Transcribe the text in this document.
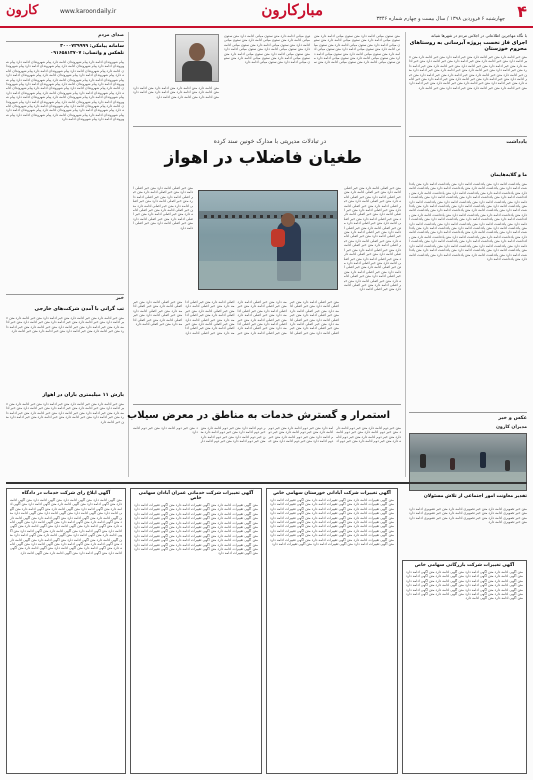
۴
مبارکارون	چهارشنبه ۶ فروردین ۱۳۹۸ / سال بیست و چهارم شماره ۳۳۴۶
کارون	www.karoondaily.ir
با نگاه مهاجرین اطلاعاتی در اجلاس مردم در شهرها شبانه
اجرای فاز نخست پروژه آبرسانی به روستاهای محروم خوزستان
متن خبر ادامه دارد متن خبر ادامه دارد متن خبر ادامه دارد متن خبر ادامه دارد متن خبر ادامه دارد متن خبر ادامه دارد متن خبر ادامه دارد متن خبر ادامه دارد متن خبر ادامه دارد متن خبر ادامه دارد متن خبر ادامه دارد متن خبر ادامه دارد متن خبر ادامه دارد متن خبر ادامه دارد متن خبر ادامه دارد متن خبر ادامه دارد متن خبر ادامه دارد متن خبر ادامه دارد متن خبر ادامه دارد متن خبر ادامه دارد متن خبر ادامه دارد متن خبر ادامه دارد متن خبر ادامه دارد متن خبر ادامه دارد متن خبر ادامه دارد متن خبر ادامه دارد متن خبر ادامه دارد متن خبر ادامه دارد متن خبر ادامه دارد متن خبر ادامه دارد متن خبر ادامه دارد متن خبر ادامه دارد متن خبر ادامه دارد متن خبر ادامه دارد
یادداشت
ما و گلایه‌هایمان
متن یادداشت ادامه دارد متن یادداشت ادامه دارد متن یادداشت ادامه دارد متن یادداشت ادامه دارد متن یادداشت ادامه دارد متن یادداشت ادامه دارد متن یادداشت ادامه دارد متن یادداشت ادامه دارد متن یادداشت ادامه دارد متن یادداشت ادامه دارد متن یادداشت ادامه دارد متن یادداشت ادامه دارد متن یادداشت ادامه دارد متن یادداشت ادامه دارد متن یادداشت ادامه دارد متن یادداشت ادامه دارد متن یادداشت ادامه دارد متن یادداشت ادامه دارد متن یادداشت ادامه دارد متن یادداشت ادامه دارد متن یادداشت ادامه دارد متن یادداشت ادامه دارد متن یادداشت ادامه دارد متن یادداشت ادامه دارد متن یادداشت ادامه دارد متن یادداشت ادامه دارد متن یادداشت ادامه دارد متن یادداشت ادامه دارد متن یادداشت ادامه دارد متن یادداشت ادامه دارد متن یادداشت ادامه دارد متن یادداشت ادامه دارد متن یادداشت ادامه دارد متن یادداشت ادامه دارد متن یادداشت ادامه دارد متن یادداشت ادامه دارد متن یادداشت ادامه دارد متن یادداشت ادامه دارد متن یادداشت ادامه دارد متن یادداشت ادامه دارد متن یادداشت ادامه دارد متن یادداشت ادامه دارد متن یادداشت ادامه دارد متن یادداشت ادامه دارد متن یادداشت ادامه دارد متن یادداشت ادامه دارد متن یادداشت ادامه دارد متن یادداشت ادامه دارد متن یادداشت ادامه دارد متن یادداشت ادامه دارد متن یادداشت ادامه دارد متن یادداشت ادامه دارد متن یادداشت ادامه دارد متن یادداشت ادامه دارد متن یادداشت ادامه دارد متن یادداشت ادامه دارد متن یادداشت ادامه دارد متن یادداشت ادامه دارد متن یادداشت ادامه دارد
عکس و خبر
مدیران کارون
تقدیر معاونت امور اجتماعی از تلاش مسئولان
متن خبر تصویری ادامه دارد متن خبر تصویری ادامه دارد متن خبر تصویری ادامه دارد متن خبر تصویری ادامه دارد متن خبر تصویری ادامه دارد متن خبر تصویری ادامه دارد متن خبر تصویری ادامه دارد متن خبر تصویری ادامه دارد متن خبر تصویری ادامه دارد متن خبر تصویری ادامه دارد
متن ستون میانی ادامه دارد متن ستون میانی ادامه دارد متن ستون میانی ادامه دارد متن ستون میانی ادامه دارد متن ستون میانی ادامه دارد متن ستون میانی ادامه دارد متن ستون میانی ادامه دارد متن ستون میانی ادامه دارد متن ستون میانی ادامه دارد متن ستون میانی ادامه دارد متن ستون میانی ادامه دارد متن ستون میانی ادامه دارد متن ستون میانی ادامه دارد متن ستون میانی ادامه دارد متن ستون میانی ادامه دارد متن ستون میانی ادامه دارد متن ستون میانی ادامه دارد متن ستون میانی ادامه دارد متن ستون میانی ادامه دارد متن ستون میانی ادامه دارد متن ستون میانی ادامه دارد متن ستون میانی ادامه دارد متن ستون میانی ادامه دارد متن ستون میانی ادامه دارد متن ستون میانی ادامه دارد متن ستون میانی ادامه دارد متن ستون میانی ادامه دارد متن ستون میانی ادامه دارد متن ستون میانی ادامه دارد متن ستون میانی ادامه دارد
متن ادامه دارد متن ادامه دارد متن ادامه دارد متن ادامه دارد متن ادامه دارد متن ادامه دارد متن ادامه دارد متن ادامه دارد متن ادامه دارد متن ادامه دارد متن ادامه دارد
در تبادلات مدیریتی با مدارک خونین سند کرده
طغیان فاضلاب در اهواز
متن خبر اصلی ادامه دارد متن خبر اصلی ادامه دارد متن خبر اصلی ادامه دارد متن خبر اصلی ادامه دارد متن خبر اصلی ادامه دارد متن خبر اصلی ادامه دارد متن خبر اصلی ادامه دارد متن خبر اصلی ادامه دارد متن خبر اصلی ادامه دارد متن خبر اصلی ادامه دارد متن خبر اصلی ادامه دارد متن خبر اصلی ادامه دارد متن خبر اصلی ادامه دارد متن خبر اصلی ادامه دارد متن خبر اصلی ادامه دارد متن خبر اصلی ادامه دارد متن خبر اصلی ادامه دارد متن خبر اصلی ادامه دارد متن خبر اصلی ادامه دارد متن خبر اصلی ادامه دارد متن خبر اصلی ادامه دارد متن خبر اصلی ادامه دارد متن خبر اصلی ادامه دارد متن خبر اصلی ادامه دارد متن خبر اصلی ادامه دارد متن خبر اصلی ادامه دارد متن خبر اصلی ادامه دارد متن خبر اصلی ادامه دارد متن خبر اصلی ادامه دارد متن خبر اصلی ادامه دارد متن خبر اصلی ادامه دارد متن خبر اصلی ادامه دارد متن خبر اصلی ادامه دارد متن خبر اصلی ادامه دارد متن خبر اصلی ادامه دارد متن خبر اصلی ادامه دارد متن خبر اصلی ادامه دارد
متن خبر اصلی ادامه دارد متن خبر اصلی ادامه دارد متن خبر اصلی ادامه دارد متن خبر اصلی ادامه دارد متن خبر اصلی ادامه دارد متن خبر اصلی ادامه دارد متن خبر اصلی ادامه دارد متن خبر اصلی ادامه دارد متن خبر اصلی ادامه دارد متن خبر اصلی ادامه دارد متن خبر اصلی ادامه دارد متن خبر اصلی ادامه دارد متن خبر اصلی ادامه دارد متن خبر اصلی ادامه دارد متن خبر اصلی ادامه دارد
متن خبر اصلی ادامه دارد متن خبر اصلی ادامه دارد متن خبر اصلی ادامه دارد متن خبر اصلی ادامه دارد متن خبر اصلی ادامه دارد متن خبر اصلی ادامه دارد متن خبر اصلی ادامه دارد متن خبر اصلی ادامه دارد متن خبر اصلی ادامه دارد متن خبر اصلی ادامه دارد متن خبر اصلی ادامه دارد متن خبر اصلی ادامه دارد متن خبر اصلی ادامه دارد متن خبر اصلی ادامه دارد متن خبر اصلی ادامه دارد متن خبر اصلی ادامه دارد متن خبر اصلی ادامه دارد متن خبر اصلی ادامه دارد متن خبر اصلی ادامه دارد متن خبر اصلی ادامه دارد متن خبر اصلی ادامه دارد متن خبر اصلی ادامه دارد متن خبر اصلی ادامه دارد متن خبر اصلی ادامه دارد متن خبر اصلی ادامه دارد متن خبر اصلی ادامه دارد متن خبر اصلی ادامه دارد متن خبر اصلی ادامه دارد متن خبر اصلی ادامه دارد متن خبر اصلی ادامه دارد متن خبر اصلی ادامه دارد متن خبر اصلی ادامه دارد متن خبر اصلی ادامه دارد متن خبر اصلی ادامه دارد متن خبر اصلی ادامه دارد متن خبر اصلی ادامه دارد متن خبر اصلی ادامه دارد متن خبر اصلی ادامه دارد متن خبر اصلی ادامه دارد متن خبر اصلی ادامه دارد
استمرار و گسترش خدمات به مناطق در معرض سیلاب
متن خبر دوم ادامه دارد متن خبر دوم ادامه دارد متن خبر دوم ادامه دارد متن خبر دوم ادامه دارد متن خبر دوم ادامه دارد متن خبر دوم ادامه دارد متن خبر دوم ادامه دارد متن خبر دوم ادامه دارد متن خبر دوم ادامه دارد متن خبر دوم ادامه دارد متن خبر دوم ادامه دارد متن خبر دوم ادامه دارد متن خبر دوم ادامه دارد متن خبر دوم ادامه دارد متن خبر دوم ادامه دارد متن خبر دوم ادامه دارد متن خبر دوم ادامه دارد متن خبر دوم ادامه دارد متن خبر دوم ادامه دارد متن خبر دوم ادامه دارد متن خبر دوم ادامه دارد متن خبر دوم ادامه دارد متن خبر دوم ادامه دارد متن خبر دوم ادامه دارد متن خبر دوم ادامه دارد
صدای مردم
سامانه پیامکی: ۳۰۰۰۷۲۹۹۹۹
تلفکس و واتساپ: ۰۹۱۶۵۸۱۳۷۰۷
پیام شهروندان ادامه دارد پیام شهروندان ادامه دارد پیام شهروندان ادامه دارد پیام شهروندان ادامه دارد پیام شهروندان ادامه دارد پیام شهروندان ادامه دارد پیام شهروندان ادامه دارد پیام شهروندان ادامه دارد پیام شهروندان ادامه دارد پیام شهروندان ادامه دارد پیام شهروندان ادامه دارد پیام شهروندان ادامه دارد پیام شهروندان ادامه دارد پیام شهروندان ادامه دارد پیام شهروندان ادامه دارد پیام شهروندان ادامه دارد پیام شهروندان ادامه دارد پیام شهروندان ادامه دارد پیام شهروندان ادامه دارد پیام شهروندان ادامه دارد پیام شهروندان ادامه دارد پیام شهروندان ادامه دارد پیام شهروندان ادامه دارد پیام شهروندان ادامه دارد پیام شهروندان ادامه دارد پیام شهروندان ادامه دارد پیام شهروندان ادامه دارد پیام شهروندان ادامه دارد پیام شهروندان ادامه دارد پیام شهروندان ادامه دارد پیام شهروندان ادامه دارد پیام شهروندان ادامه دارد پیام شهروندان ادامه دارد پیام شهروندان ادامه دارد پیام شهروندان ادامه دارد پیام شهروندان ادامه دارد پیام شهروندان ادامه دارد پیام شهروندان ادامه دارد پیام شهروندان ادامه دارد پیام شهروندان ادامه دارد پیام شهروندان ادامه دارد پیام شهروندان ادامه دارد پیام شهروندان ادامه دارد پیام شهروندان ادامه دارد
خبر
تب گرانی با آمدن شرکت‌های خارجی
متن خبر ادامه دارد متن خبر ادامه دارد متن خبر ادامه دارد متن خبر ادامه دارد متن خبر ادامه دارد متن خبر ادامه دارد متن خبر ادامه دارد متن خبر ادامه دارد متن خبر ادامه دارد متن خبر ادامه دارد متن خبر ادامه دارد متن خبر ادامه دارد متن خبر ادامه دارد متن خبر ادامه دارد متن خبر ادامه دارد متن خبر ادامه دارد متن خبر ادامه دارد
بارش ۱۱ میلیمتری باران در اهواز
متن خبر ادامه دارد متن خبر ادامه دارد متن خبر ادامه دارد متن خبر ادامه دارد متن خبر ادامه دارد متن خبر ادامه دارد متن خبر ادامه دارد متن خبر ادامه دارد متن خبر ادامه دارد متن خبر ادامه دارد متن خبر ادامه دارد متن خبر ادامه دارد متن خبر ادامه دارد متن خبر ادامه دارد متن خبر ادامه دارد متن خبر ادامه دارد متن خبر ادامه دارد متن خبر ادامه دارد
آگهی ابلاغ رای شرکت خدمات در دادگاه
متن آگهی ادامه دارد متن آگهی ادامه دارد متن آگهی ادامه دارد متن آگهی ادامه دارد متن آگهی ادامه دارد متن آگهی ادامه دارد متن آگهی ادامه دارد متن آگهی ادامه دارد متن آگهی ادامه دارد متن آگهی ادامه دارد متن آگهی ادامه دارد متن آگهی ادامه دارد متن آگهی ادامه دارد متن آگهی ادامه دارد متن آگهی ادامه دارد متن آگهی ادامه دارد متن آگهی ادامه دارد متن آگهی ادامه دارد متن آگهی ادامه دارد متن آگهی ادامه دارد متن آگهی ادامه دارد متن آگهی ادامه دارد متن آگهی ادامه دارد متن آگهی ادامه دارد متن آگهی ادامه دارد متن آگهی ادامه دارد متن آگهی ادامه دارد متن آگهی ادامه دارد متن آگهی ادامه دارد متن آگهی ادامه دارد متن آگهی ادامه دارد متن آگهی ادامه دارد متن آگهی ادامه دارد متن آگهی ادامه دارد متن آگهی ادامه دارد متن آگهی ادامه دارد متن آگهی ادامه دارد متن آگهی ادامه دارد متن آگهی ادامه دارد متن آگهی ادامه دارد متن آگهی ادامه دارد متن آگهی ادامه دارد متن آگهی ادامه دارد متن آگهی ادامه دارد متن آگهی ادامه دارد متن آگهی ادامه دارد متن آگهی ادامه دارد متن آگهی ادامه دارد متن آگهی ادامه دارد
آگهی تغییرات شرکت خدماتی عمران آبادان سهامی خاص
متن آگهی تغییرات ادامه دارد متن آگهی تغییرات ادامه دارد متن آگهی تغییرات ادامه دارد متن آگهی تغییرات ادامه دارد متن آگهی تغییرات ادامه دارد متن آگهی تغییرات ادامه دارد متن آگهی تغییرات ادامه دارد متن آگهی تغییرات ادامه دارد متن آگهی تغییرات ادامه دارد متن آگهی تغییرات ادامه دارد متن آگهی تغییرات ادامه دارد متن آگهی تغییرات ادامه دارد متن آگهی تغییرات ادامه دارد متن آگهی تغییرات ادامه دارد متن آگهی تغییرات ادامه دارد متن آگهی تغییرات ادامه دارد متن آگهی تغییرات ادامه دارد متن آگهی تغییرات ادامه دارد متن آگهی تغییرات ادامه دارد متن آگهی تغییرات ادامه دارد متن آگهی تغییرات ادامه دارد متن آگهی تغییرات ادامه دارد متن آگهی تغییرات ادامه دارد متن آگهی تغییرات ادامه دارد متن آگهی تغییرات ادامه دارد متن آگهی تغییرات ادامه دارد متن آگهی تغییرات ادامه دارد متن آگهی تغییرات ادامه دارد متن آگهی تغییرات ادامه دارد متن آگهی تغییرات ادامه دارد متن آگهی تغییرات ادامه دارد متن آگهی تغییرات ادامه دارد متن آگهی تغییرات ادامه دارد متن آگهی تغییرات ادامه دارد
آگهی تغییرات شرکت آبادانی خوزستان سهامی خاص
متن آگهی تغییرات ادامه دارد متن آگهی تغییرات ادامه دارد متن آگهی تغییرات ادامه دارد متن آگهی تغییرات ادامه دارد متن آگهی تغییرات ادامه دارد متن آگهی تغییرات ادامه دارد متن آگهی تغییرات ادامه دارد متن آگهی تغییرات ادامه دارد متن آگهی تغییرات ادامه دارد متن آگهی تغییرات ادامه دارد متن آگهی تغییرات ادامه دارد متن آگهی تغییرات ادامه دارد متن آگهی تغییرات ادامه دارد متن آگهی تغییرات ادامه دارد متن آگهی تغییرات ادامه دارد متن آگهی تغییرات ادامه دارد متن آگهی تغییرات ادامه دارد متن آگهی تغییرات ادامه دارد متن آگهی تغییرات ادامه دارد متن آگهی تغییرات ادامه دارد متن آگهی تغییرات ادامه دارد متن آگهی تغییرات ادامه دارد متن آگهی تغییرات ادامه دارد متن آگهی تغییرات ادامه دارد متن آگهی تغییرات ادامه دارد متن آگهی تغییرات ادامه دارد متن آگهی تغییرات ادامه دارد متن آگهی تغییرات ادامه دارد متن آگهی تغییرات ادامه دارد متن آگهی تغییرات ادامه دارد متن آگهی تغییرات ادامه دارد متن آگهی تغییرات ادامه دارد متن آگهی تغییرات ادامه دارد
آگهی تغییرات شرکت بازرگانی سهامی خاص
متن آگهی ادامه دارد متن آگهی ادامه دارد متن آگهی ادامه دارد متن آگهی ادامه دارد متن آگهی ادامه دارد متن آگهی ادامه دارد متن آگهی ادامه دارد متن آگهی ادامه دارد متن آگهی ادامه دارد متن آگهی ادامه دارد متن آگهی ادامه دارد متن آگهی ادامه دارد متن آگهی ادامه دارد متن آگهی ادامه دارد متن آگهی ادامه دارد متن آگهی ادامه دارد متن آگهی ادامه دارد متن آگهی ادامه دارد متن آگهی ادامه دارد متن آگهی ادامه دارد متن آگهی ادامه دارد متن آگهی ادامه دارد متن آگهی ادامه دارد متن آگهی ادامه دارد متن آگهی ادامه دارد متن آگهی ادامه دارد
